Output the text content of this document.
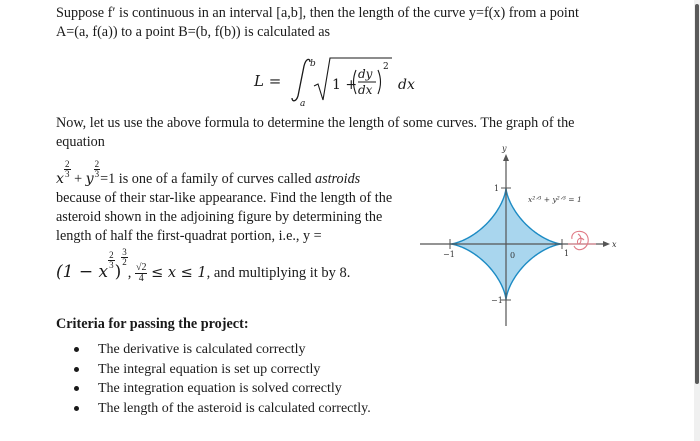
Suppose f′ is continuous in an interval [a,b], then the length of the curve y=f(x) from a point
A=(a, f(a)) to a point B=(b, f(b)) is calculated as
L =
b
a
1 +
dy
dx
2
dx
Now, let us use the above formula to determine the length of some curves. The graph of the
equation
x $\frac{2}{3} + y \frac{2}{3} =1$ is one of a family of curves called astroids
because of their star-like appearance. Find the length of the
asteroid shown in the adjoining figure by determining the
length of half the first-quadrat portion, i.e., y =
(1 − x
$\frac{2}{3}$
)
$\frac{3}{2}$
, $\frac{√2}{4} \le x \le 1$, and multiplying it by 8.
y
x
1
−1
−1	1
0
x²ᐟ³ + y²ᐟ³ = 1
Criteria for passing the project:
The derivative is calculated correctly
The integral equation is set up correctly
The integration equation is solved correctly
The length of the asteroid is calculated correctly.
